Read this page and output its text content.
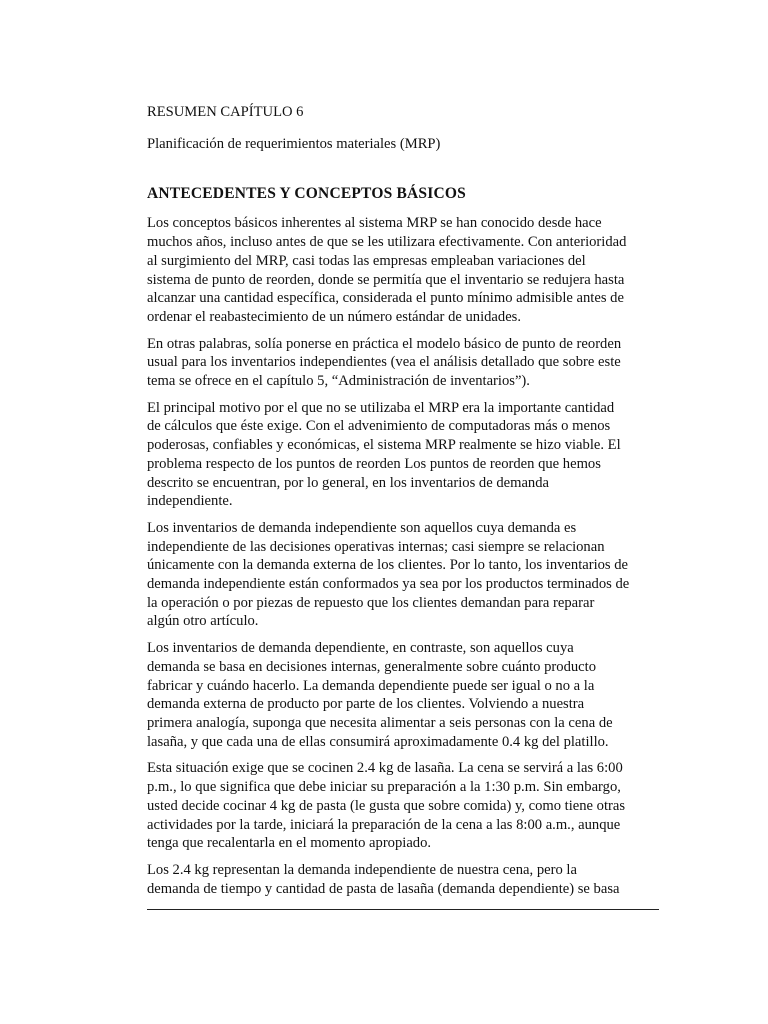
RESUMEN CAPÍTULO 6

Planificación de requerimientos materiales (MRP)

ANTECEDENTES Y CONCEPTOS BÁSICOS

Los conceptos básicos inherentes al sistema MRP se han conocido desde hace
muchos años, incluso antes de que se les utilizara efectivamente. Con anterioridad
al surgimiento del MRP, casi todas las empresas empleaban variaciones del
sistema de punto de reorden, donde se permitía que el inventario se redujera hasta
alcanzar una cantidad específica, considerada el punto mínimo admisible antes de
ordenar el reabastecimiento de un número estándar de unidades.
En otras palabras, solía ponerse en práctica el modelo básico de punto de reorden
usual para los inventarios independientes (vea el análisis detallado que sobre este
tema se ofrece en el capítulo 5, “Administración de inventarios”).
El principal motivo por el que no se utilizaba el MRP era la importante cantidad
de cálculos que éste exige. Con el advenimiento de computadoras más o menos
poderosas, confiables y económicas, el sistema MRP realmente se hizo viable. El
problema respecto de los puntos de reorden Los puntos de reorden que hemos
descrito se encuentran, por lo general, en los inventarios de demanda
independiente.
Los inventarios de demanda independiente son aquellos cuya demanda es
independiente de las decisiones operativas internas; casi siempre se relacionan
únicamente con la demanda externa de los clientes. Por lo tanto, los inventarios de
demanda independiente están conformados ya sea por los productos terminados de
la operación o por piezas de repuesto que los clientes demandan para reparar
algún otro artículo.
Los inventarios de demanda dependiente, en contraste, son aquellos cuya
demanda se basa en decisiones internas, generalmente sobre cuánto producto
fabricar y cuándo hacerlo. La demanda dependiente puede ser igual o no a la
demanda externa de producto por parte de los clientes. Volviendo a nuestra
primera analogía, suponga que necesita alimentar a seis personas con la cena de
lasaña, y que cada una de ellas consumirá aproximadamente 0.4 kg del platillo.
Esta situación exige que se cocinen 2.4 kg de lasaña. La cena se servirá a las 6:00
p.m., lo que significa que debe iniciar su preparación a la 1:30 p.m. Sin embargo,
usted decide cocinar 4 kg de pasta (le gusta que sobre comida) y, como tiene otras
actividades por la tarde, iniciará la preparación de la cena a las 8:00 a.m., aunque
tenga que recalentarla en el momento apropiado.
Los 2.4 kg representan la demanda independiente de nuestra cena, pero la
demanda de tiempo y cantidad de pasta de lasaña (demanda dependiente) se basa
